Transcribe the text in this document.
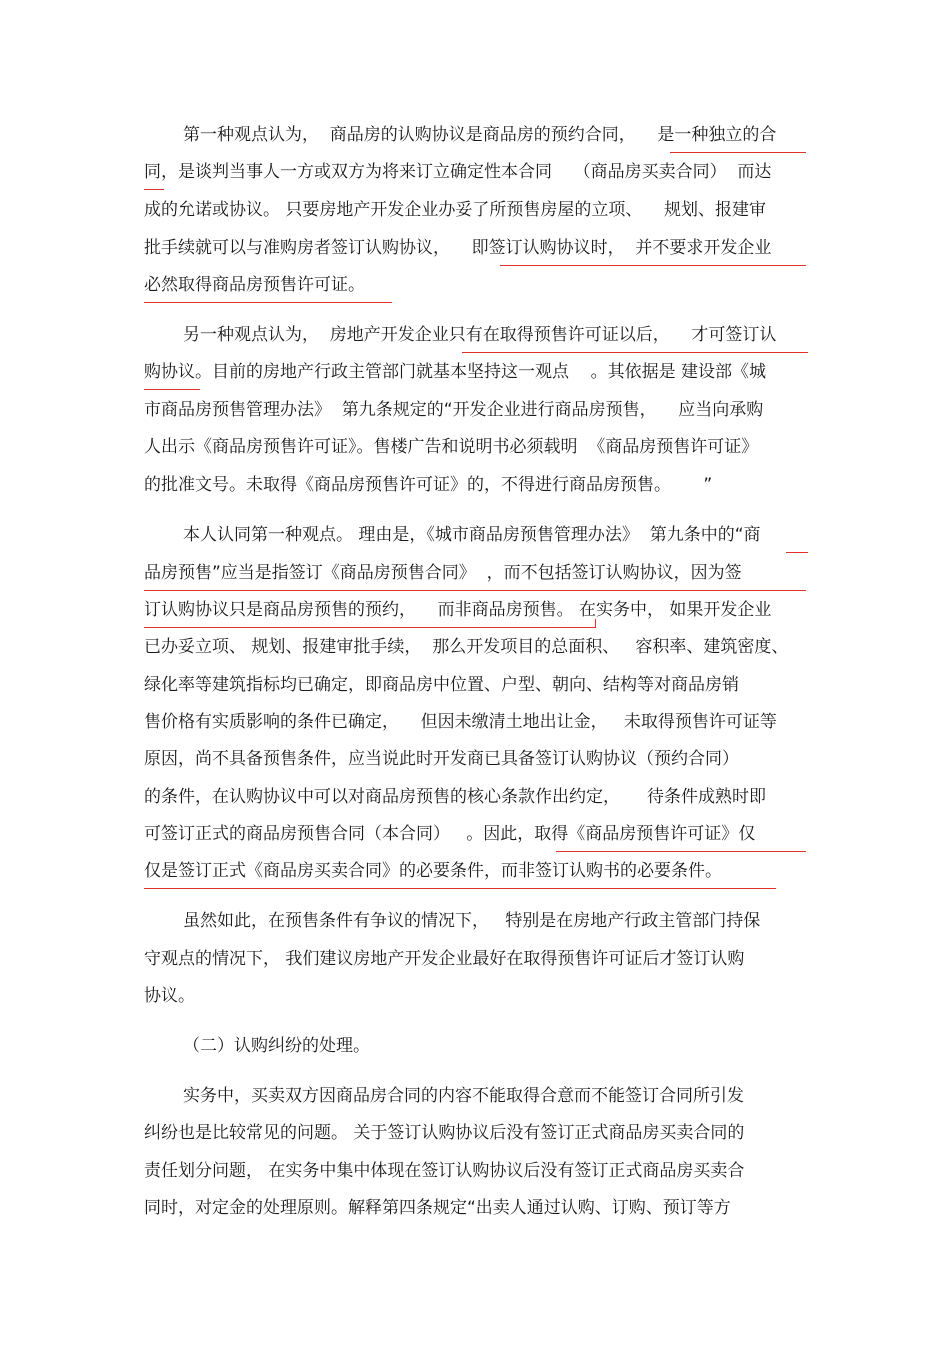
第一种观点认为，  商品房的认购协议是商品房的预约合同，    是一种独立的合

同，是谈判当事人一方或双方为将来订立确定性本合同    （商品房买卖合同）  而达

成的允诺或协议。 只要房地产开发企业办妥了所预售房屋的立项、    规划、报建审

批手续就可以与准购房者签订认购协议，    即签订认购协议时，  并不要求开发企业

必然取得商品房预售许可证。

另一种观点认为，  房地产开发企业只有在取得预售许可证以后，    才可签订认

购协议。目前的房地产行政主管部门就基本坚持这一观点    。其依据是 建设部《城

市商品房预售管理办法》  第九条规定的“开发企业进行商品房预售，    应当向承购

人出示《商品房预售许可证》。售楼广告和说明书必须载明  《商品房预售许可证》

的批准文号。未取得《商品房预售许可证》的，不得进行商品房预售。      ”

本人认同第一种观点。 理由是，《城市商品房预售管理办法》  第九条中的“商

品房预售”应当是指签订《商品房预售合同》  ，而不包括签订认购协议，因为签

订认购协议只是商品房预售的预约，    而非商品房预售。 在实务中， 如果开发企业

已办妥立项、 规划、报建审批手续，  那么开发项目的总面积、   容积率、建筑密度、

绿化率等建筑指标均已确定，即商品房中位置、户型、朝向、结构等对商品房销

售价格有实质影响的条件已确定，    但因未缴清土地出让金，   未取得预售许可证等

原因，尚不具备预售条件，应当说此时开发商已具备签订认购协议（预约合同）

的条件，在认购协议中可以对商品房预售的核心条款作出约定，     待条件成熟时即

可签订正式的商品房预售合同（本合同）   。因此，取得《商品房预售许可证》仅

仅是签订正式《商品房买卖合同》的必要条件，而非签订认购书的必要条件。

虽然如此，在预售条件有争议的情况下，   特别是在房地产行政主管部门持保

守观点的情况下， 我们建议房地产开发企业最好在取得预售许可证后才签订认购

协议。

（二）认购纠纷的处理。

实务中，买卖双方因商品房合同的内容不能取得合意而不能签订合同所引发

纠纷也是比较常见的问题。 关于签订认购协议后没有签订正式商品房买卖合同的

责任划分问题， 在实务中集中体现在签订认购协议后没有签订正式商品房买卖合

同时，对定金的处理原则。解释第四条规定“出卖人通过认购、订购、预订等方
